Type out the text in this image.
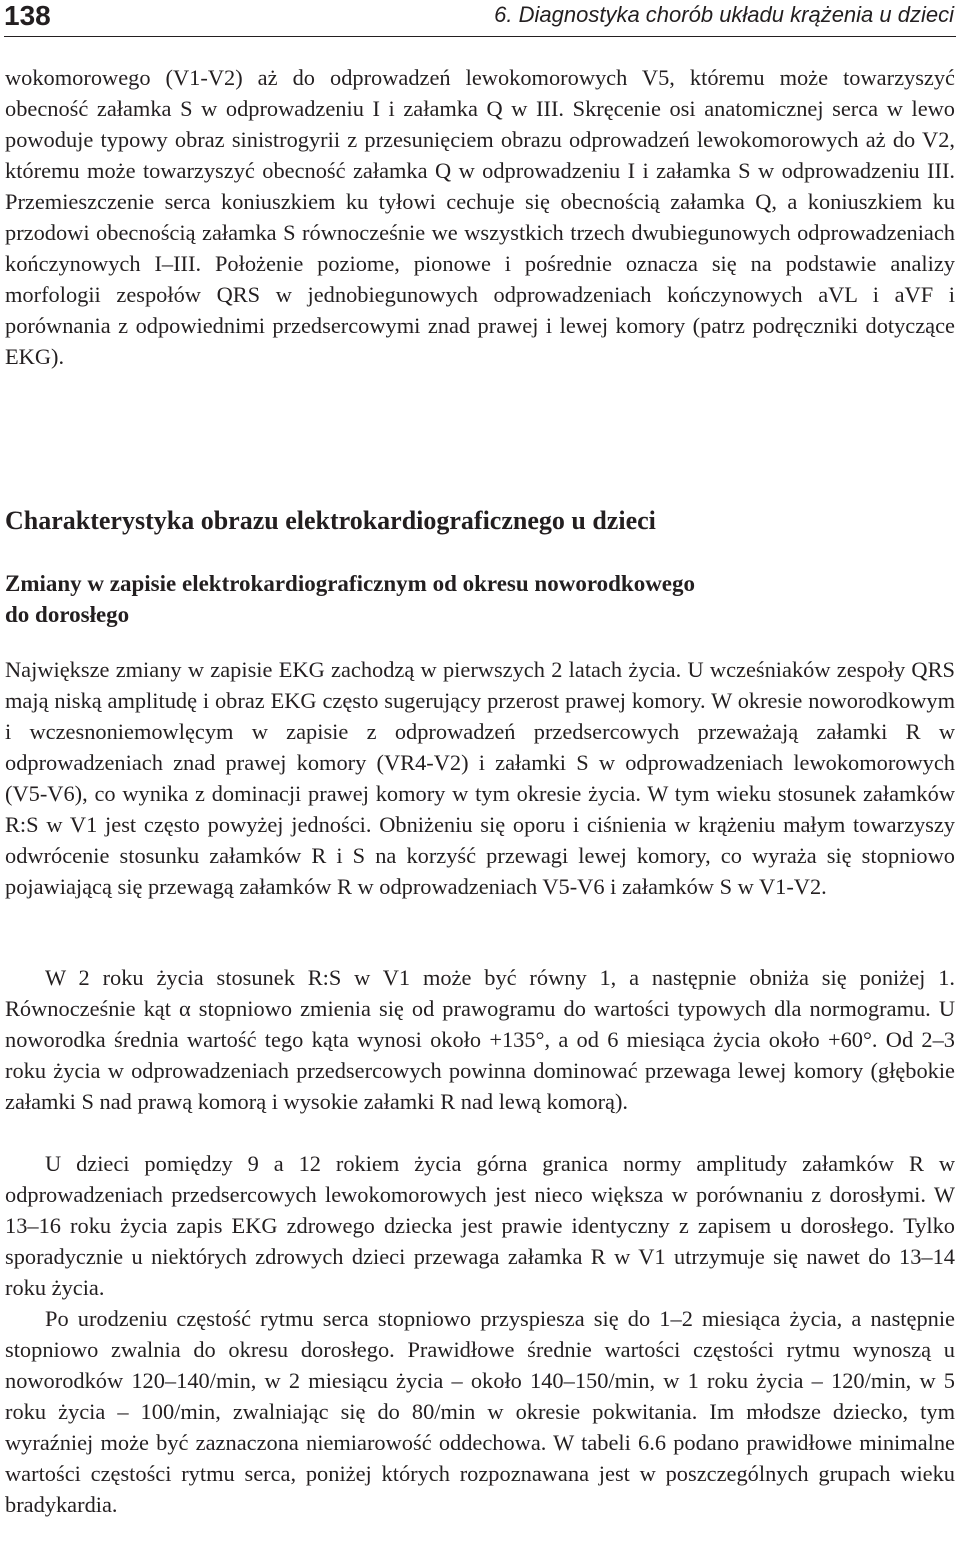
138	6. Diagnostyka chorób układu krążenia u dzieci

wokomorowego (V1-V2) aż do odprowadzeń lewokomorowych V5, któremu może towarzyszyć obecność załamka S w odprowadzeniu I i załamka Q w III. Skręcenie osi anatomicznej serca w lewo powoduje typowy obraz sinistrogyrii z przesunięciem obrazu odprowadzeń lewokomorowych aż do V2, któremu może towarzyszyć obecność załamka Q w odprowadzeniu I i załamka S w odprowadzeniu III. Przemieszczenie serca koniuszkiem ku tyłowi cechuje się obecnością załamka Q, a koniuszkiem ku przodowi obecnością załamka S równocześnie we wszystkich trzech dwubiegunowych odprowadzeniach kończynowych I–III. Położenie poziome, pionowe i pośrednie oznacza się na podstawie analizy morfologii zespołów QRS w jednobiegunowych odprowadzeniach kończynowych aVL i aVF i porównania z odpowiednimi przedsercowymi znad prawej i lewej komory (patrz podręczniki dotyczące EKG).

Charakterystyka obrazu elektrokardiograficznego u dzieci
Zmiany w zapisie elektrokardiograficznym od okresu noworodkowego do dorosłego

Największe zmiany w zapisie EKG zachodzą w pierwszych 2 latach życia. U wcześniaków zespoły QRS mają niską amplitudę i obraz EKG często sugerujący przerost prawej komory. W okresie noworodkowym i wczesnoniemowlęcym w zapisie z odprowadzeń przedsercowych przeważają załamki R w odprowadzeniach znad prawej komory (VR4-V2) i załamki S w odprowadzeniach lewokomorowych (V5-V6), co wynika z dominacji prawej komory w tym okresie życia. W tym wieku stosunek załamków R:S w V1 jest często powyżej jedności. Obniżeniu się oporu i ciśnienia w krążeniu małym towarzyszy odwrócenie stosunku załamków R i S na korzyść przewagi lewej komory, co wyraża się stopniowo pojawiającą się przewagą załamków R w odprowadzeniach V5-V6 i załamków S w V1-V2.

W 2 roku życia stosunek R:S w V1 może być równy 1, a następnie obniża się poniżej 1. Równocześnie kąt α stopniowo zmienia się od prawogramu do wartości typowych dla normogramu. U noworodka średnia wartość tego kąta wynosi około +135°, a od 6 miesiąca życia około +60°. Od 2–3 roku życia w odprowadzeniach przedsercowych powinna dominować przewaga lewej komory (głębokie załamki S nad prawą komorą i wysokie załamki R nad lewą komorą).

U dzieci pomiędzy 9 a 12 rokiem życia górna granica normy amplitudy załamków R w odprowadzeniach przedsercowych lewokomorowych jest nieco większa w porównaniu z dorosłymi. W 13–16 roku życia zapis EKG zdrowego dziecka jest prawie identyczny z zapisem u dorosłego. Tylko sporadycznie u niektórych zdrowych dzieci przewaga załamka R w V1 utrzymuje się nawet do 13–14 roku życia.

Po urodzeniu częstość rytmu serca stopniowo przyspiesza się do 1–2 miesiąca życia, a następnie stopniowo zwalnia do okresu dorosłego. Prawidłowe średnie wartości częstości rytmu wynoszą u noworodków 120–140/min, w 2 miesiącu życia – około 140–150/min, w 1 roku życia – 120/min, w 5 roku życia – 100/min, zwalniając się do 80/min w okresie pokwitania. Im młodsze dziecko, tym wyraźniej może być zaznaczona niemiarowość oddechowa. W tabeli 6.6 podano prawidłowe minimalne wartości częstości rytmu serca, poniżej których rozpoznawana jest w poszczególnych grupach wieku bradykardia.
